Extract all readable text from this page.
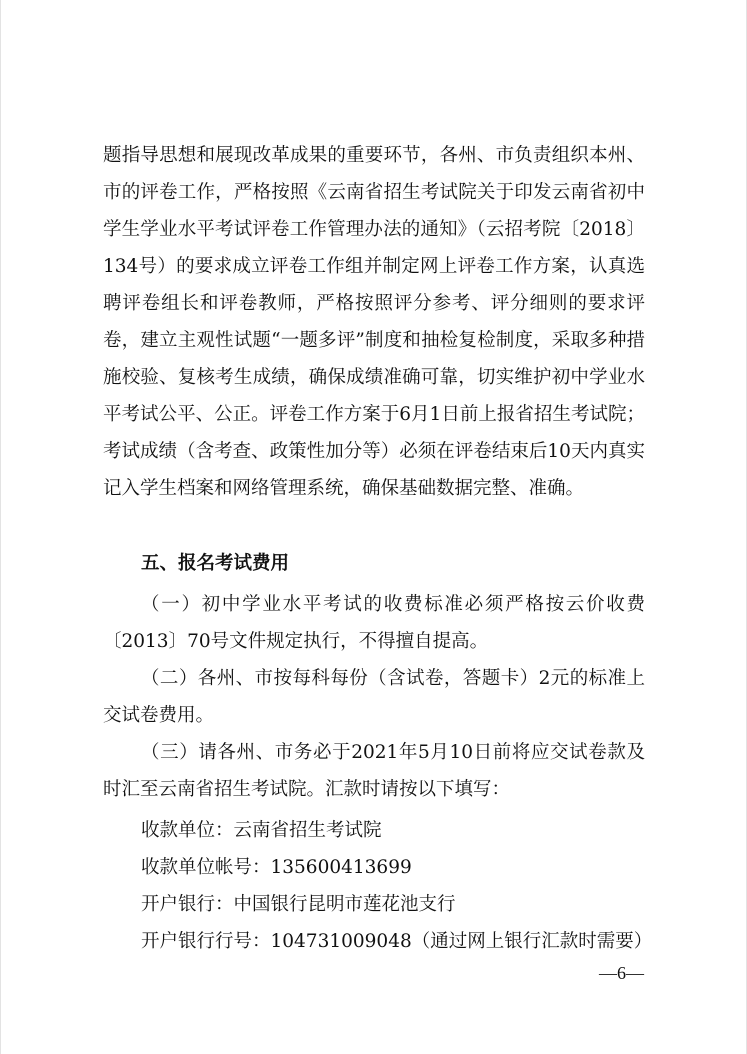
题指导思想和展现改革成果的重要环节，各州、市负责组织本州、市的评卷工作，严格按照《云南省招生考试院关于印发云南省初中学生学业水平考试评卷工作管理办法的通知》（云招考院〔2018〕134号）的要求成立评卷工作组并制定网上评卷工作方案，认真选聘评卷组长和评卷教师，严格按照评分参考、评分细则的要求评卷，建立主观性试题“一题多评”制度和抽检复检制度，采取多种措施校验、复核考生成绩，确保成绩准确可靠，切实维护初中学业水平考试公平、公正。评卷工作方案于6月1日前上报省招生考试院；考试成绩（含考查、政策性加分等）必须在评卷结束后10天内真实记入学生档案和网络管理系统，确保基础数据完整、准确。

五、报名考试费用

（一）初中学业水平考试的收费标准必须严格按云价收费〔2013〕70号文件规定执行，不得擅自提高。

（二）各州、市按每科每份（含试卷，答题卡）2元的标准上交试卷费用。

（三）请各州、市务必于2021年5月10日前将应交试卷款及时汇至云南省招生考试院。汇款时请按以下填写：

收款单位：云南省招生考试院

收款单位帐号：135600413699

开户银行：中国银行昆明市莲花池支行

开户银行行号：104731009048（通过网上银行汇款时需要）

—6—
